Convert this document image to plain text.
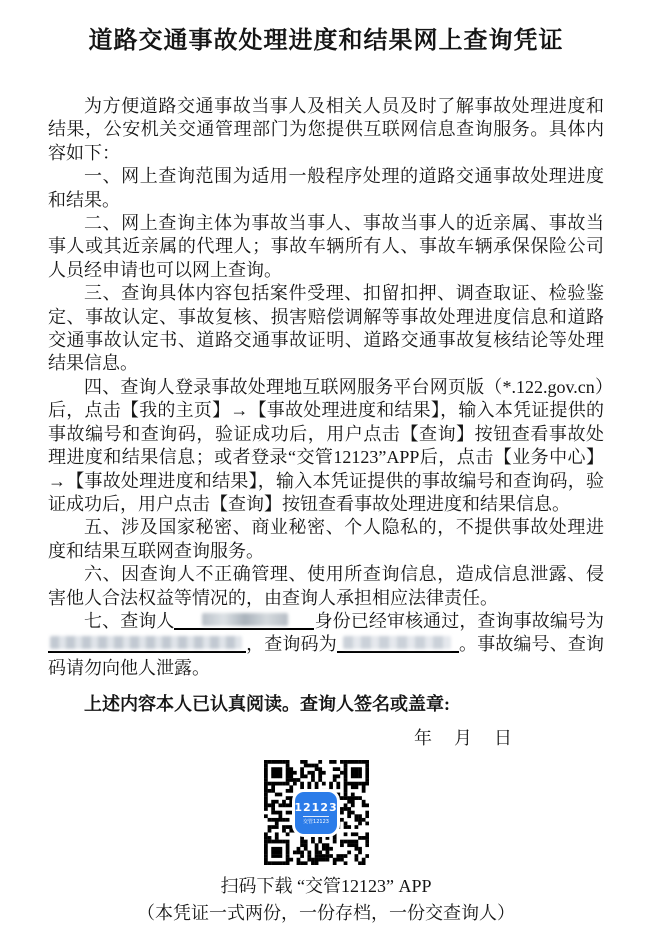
道路交通事故处理进度和结果网上查询凭证

为方便道路交通事故当事人及相关人员及时了解事故处理进度和结果，公安机关交通管理部门为您提供互联网信息查询服务。具体内容如下：

一、网上查询范围为适用一般程序处理的道路交通事故处理进度和结果。

二、网上查询主体为事故当事人、事故当事人的近亲属、事故当事人或其近亲属的代理人；事故车辆所有人、事故车辆承保保险公司人员经申请也可以网上查询。

三、查询具体内容包括案件受理、扣留扣押、调查取证、检验鉴定、事故认定、事故复核、损害赔偿调解等事故处理进度信息和道路交通事故认定书、道路交通事故证明、道路交通事故复核结论等处理结果信息。

四、查询人登录事故处理地互联网服务平台网页版（*.122.gov.cn）后，点击【我的主页】→【事故处理进度和结果】，输入本凭证提供的事故编号和查询码，验证成功后，用户点击【查询】按钮查看事故处理进度和结果信息；或者登录“交管12123”APP后，点击【业务中心】→【事故处理进度和结果】，输入本凭证提供的事故编号和查询码，验证成功后，用户点击【查询】按钮查看事故处理进度和结果信息。

五、涉及国家秘密、商业秘密、个人隐私的，不提供事故处理进度和结果互联网查询服务。

六、因查询人不正确管理、使用所查询信息，造成信息泄露、侵害他人合法权益等情况的，由查询人承担相应法律责任。

七、查询人	身份已经审核通过，查询事故编号为
，查询码为	。事故编号、查询码请勿向他人泄露。

上述内容本人已认真阅读。查询人签名或盖章:

年 月 日

12123
交管12123

扫码下载 “交管12123” APP

（本凭证一式两份，一份存档，一份交查询人）
